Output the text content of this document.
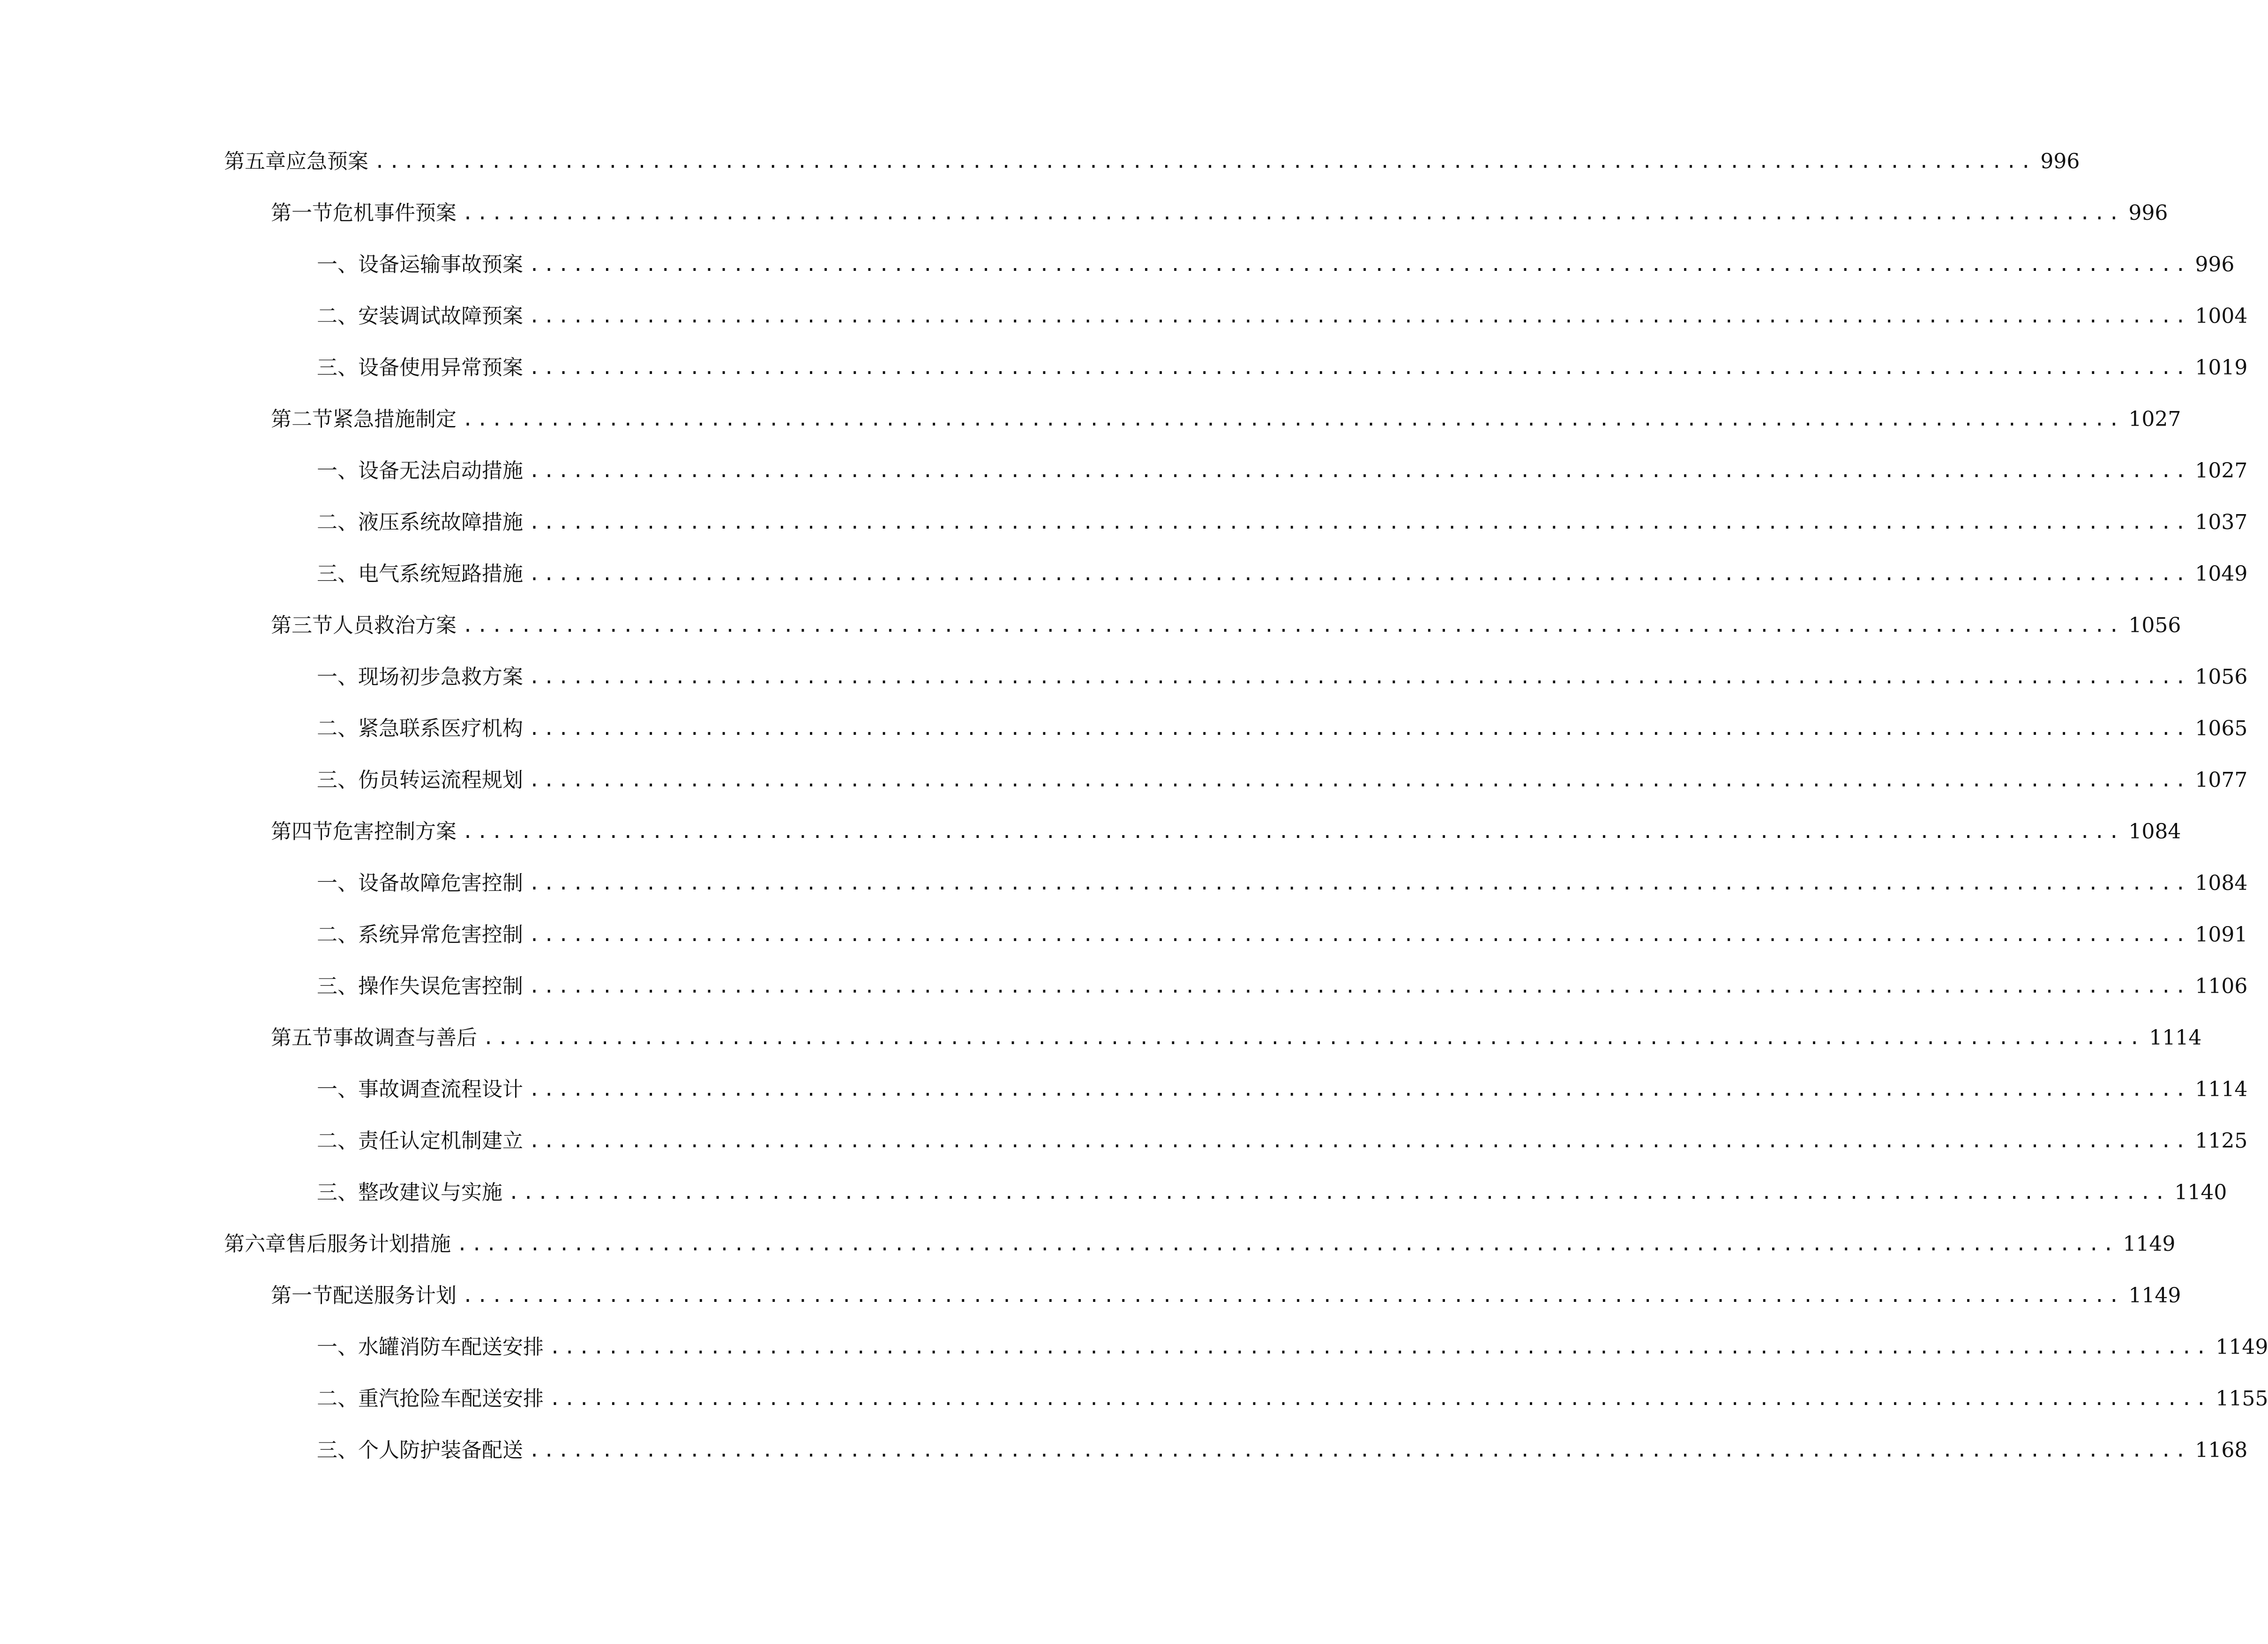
第五章 应急预案 .................................................................................................................. 996
第一节 危机事件预案 .................................................................................................................. 996
一、 设备运输事故预案 .................................................................................................................. 996
二、 安装调试故障预案 .................................................................................................................. 1004
三、 设备使用异常预案 .................................................................................................................. 1019
第二节 紧急措施制定 .................................................................................................................. 1027
一、 设备无法启动措施 .................................................................................................................. 1027
二、 液压系统故障措施 .................................................................................................................. 1037
三、 电气系统短路措施 .................................................................................................................. 1049
第三节 人员救治方案 .................................................................................................................. 1056
一、 现场初步急救方案 .................................................................................................................. 1056
二、 紧急联系医疗机构 .................................................................................................................. 1065
三、 伤员转运流程规划 .................................................................................................................. 1077
第四节 危害控制方案 .................................................................................................................. 1084
一、 设备故障危害控制 .................................................................................................................. 1084
二、 系统异常危害控制 .................................................................................................................. 1091
三、 操作失误危害控制 .................................................................................................................. 1106
第五节 事故调查与善后 .................................................................................................................. 1114
一、 事故调查流程设计 .................................................................................................................. 1114
二、 责任认定机制建立 .................................................................................................................. 1125
三、 整改建议与实施 .................................................................................................................. 1140
第六章 售后服务计划措施 .................................................................................................................. 1149
第一节 配送服务计划 .................................................................................................................. 1149
一、 水罐消防车配送安排 .................................................................................................................. 1149
二、 重汽抢险车配送安排 .................................................................................................................. 1155
三、 个人防护装备配送 .................................................................................................................. 1168
